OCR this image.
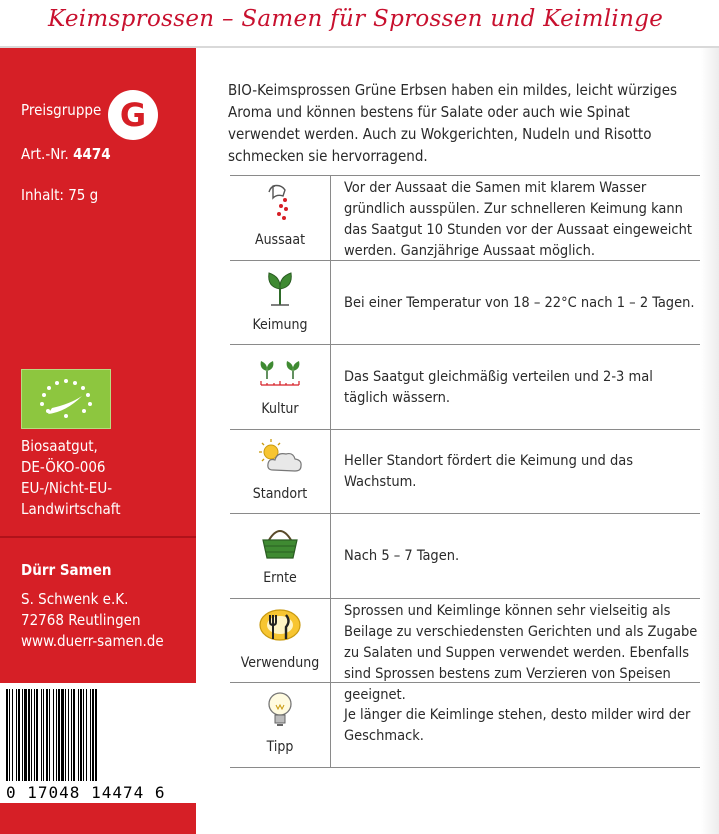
Keimsprossen – Samen für Sprossen und Keimlinge
Preisgruppe G
Art.-Nr. 4474
Inhalt: 75 g
Biosaatgut,
DE-ÖKO-006
EU-/Nicht-EU-
Landwirtschaft
Dürr Samen
S. Schwenk e.K.
72768 Reutlingen
www.duerr-samen.de
0 17048 14474 6
BIO-Keimsprossen Grüne Erbsen haben ein mildes, leicht würziges Aroma und können bestens für Salate oder auch wie Spinat verwendet werden. Auch zu Wokgerichten, Nudeln und Risotto schmecken sie hervorragend.
Aussaat
Vor der Aussaat die Samen mit klarem Wasser gründlich ausspülen. Zur schnelleren Keimung kann das Saatgut 10 Stunden vor der Aussaat eingeweicht werden. Ganzjährige Aussaat möglich.
Keimung
Bei einer Temperatur von 18 – 22°C nach 1 – 2 Tagen.
Kultur
Das Saatgut gleichmäßig verteilen und 2-3 mal täglich wässern.
Standort
Heller Standort fördert die Keimung und das Wachstum.
Ernte
Nach 5 – 7 Tagen.
Verwendung
Sprossen und Keimlinge können sehr vielseitig als Beilage zu verschiedensten Gerichten und als Zugabe zu Salaten und Suppen verwendet werden. Ebenfalls sind Sprossen bestens zum Verzieren von Speisen geeignet.
Tipp
Je länger die Keimlinge stehen, desto milder wird der Geschmack.
